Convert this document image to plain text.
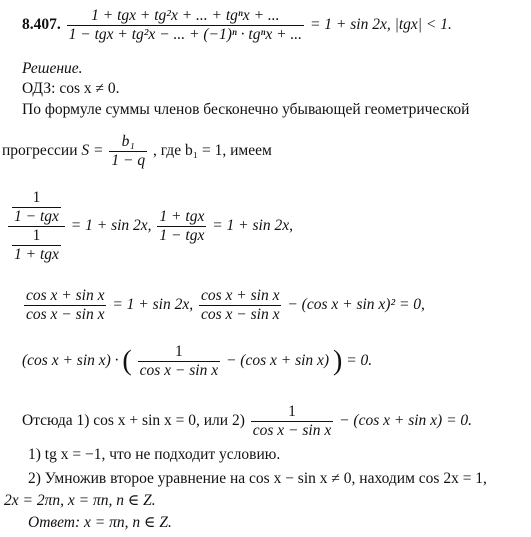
8.407. $\frac{\text{1 + tgx + tg²x + ... + tgⁿx + ...}}{\text{1 − tgx + tg²x − ... + (−1)ⁿ · tgⁿx + ...}} = 1 + \sin 2x$, |tgx| < 1.
Решение.
ОДЗ: cos x ≠ 0.
По формуле суммы членов бесконечно убывающей геометрической
прогрессии $S = \frac{\text{b₁}}{1 - q}$ , где b₁ = 1, имеем
$\frac{\frac{1}{\text{1 − tgx}}}{\frac{1}{\text{1 + tgx}}} = 1 + \sin 2x$, $\frac{\text{1 + tgx}}{\text{1 − tgx}} = 1 + \sin 2x$,
$\frac{\text{cos x + sin x}}{\text{cos x − sin x}} = 1 + \sin 2x$, $\frac{\text{cos x + sin x}}{\text{cos x − sin x}} - (\cos$ x + sin x)² = 0,
(cos x + sin x) · ( $\frac{1}{\text{cos x − sin x}} - (\cos$ x + sin x) ) = 0.
Отсюда 1) cos x + sin x = 0, или $2) \frac{1}{\text{cos x − sin x}} - (\cos$ x + sin x) = 0.
1) tg x = −1, что не подходит условию.
2) Умножив второе уравнение на cos x − sin x ≠ 0, находим cos 2x = 1,
2x = 2πn, x = πn, n ∈ Z.
Ответ: x = πn, n ∈ Z.
